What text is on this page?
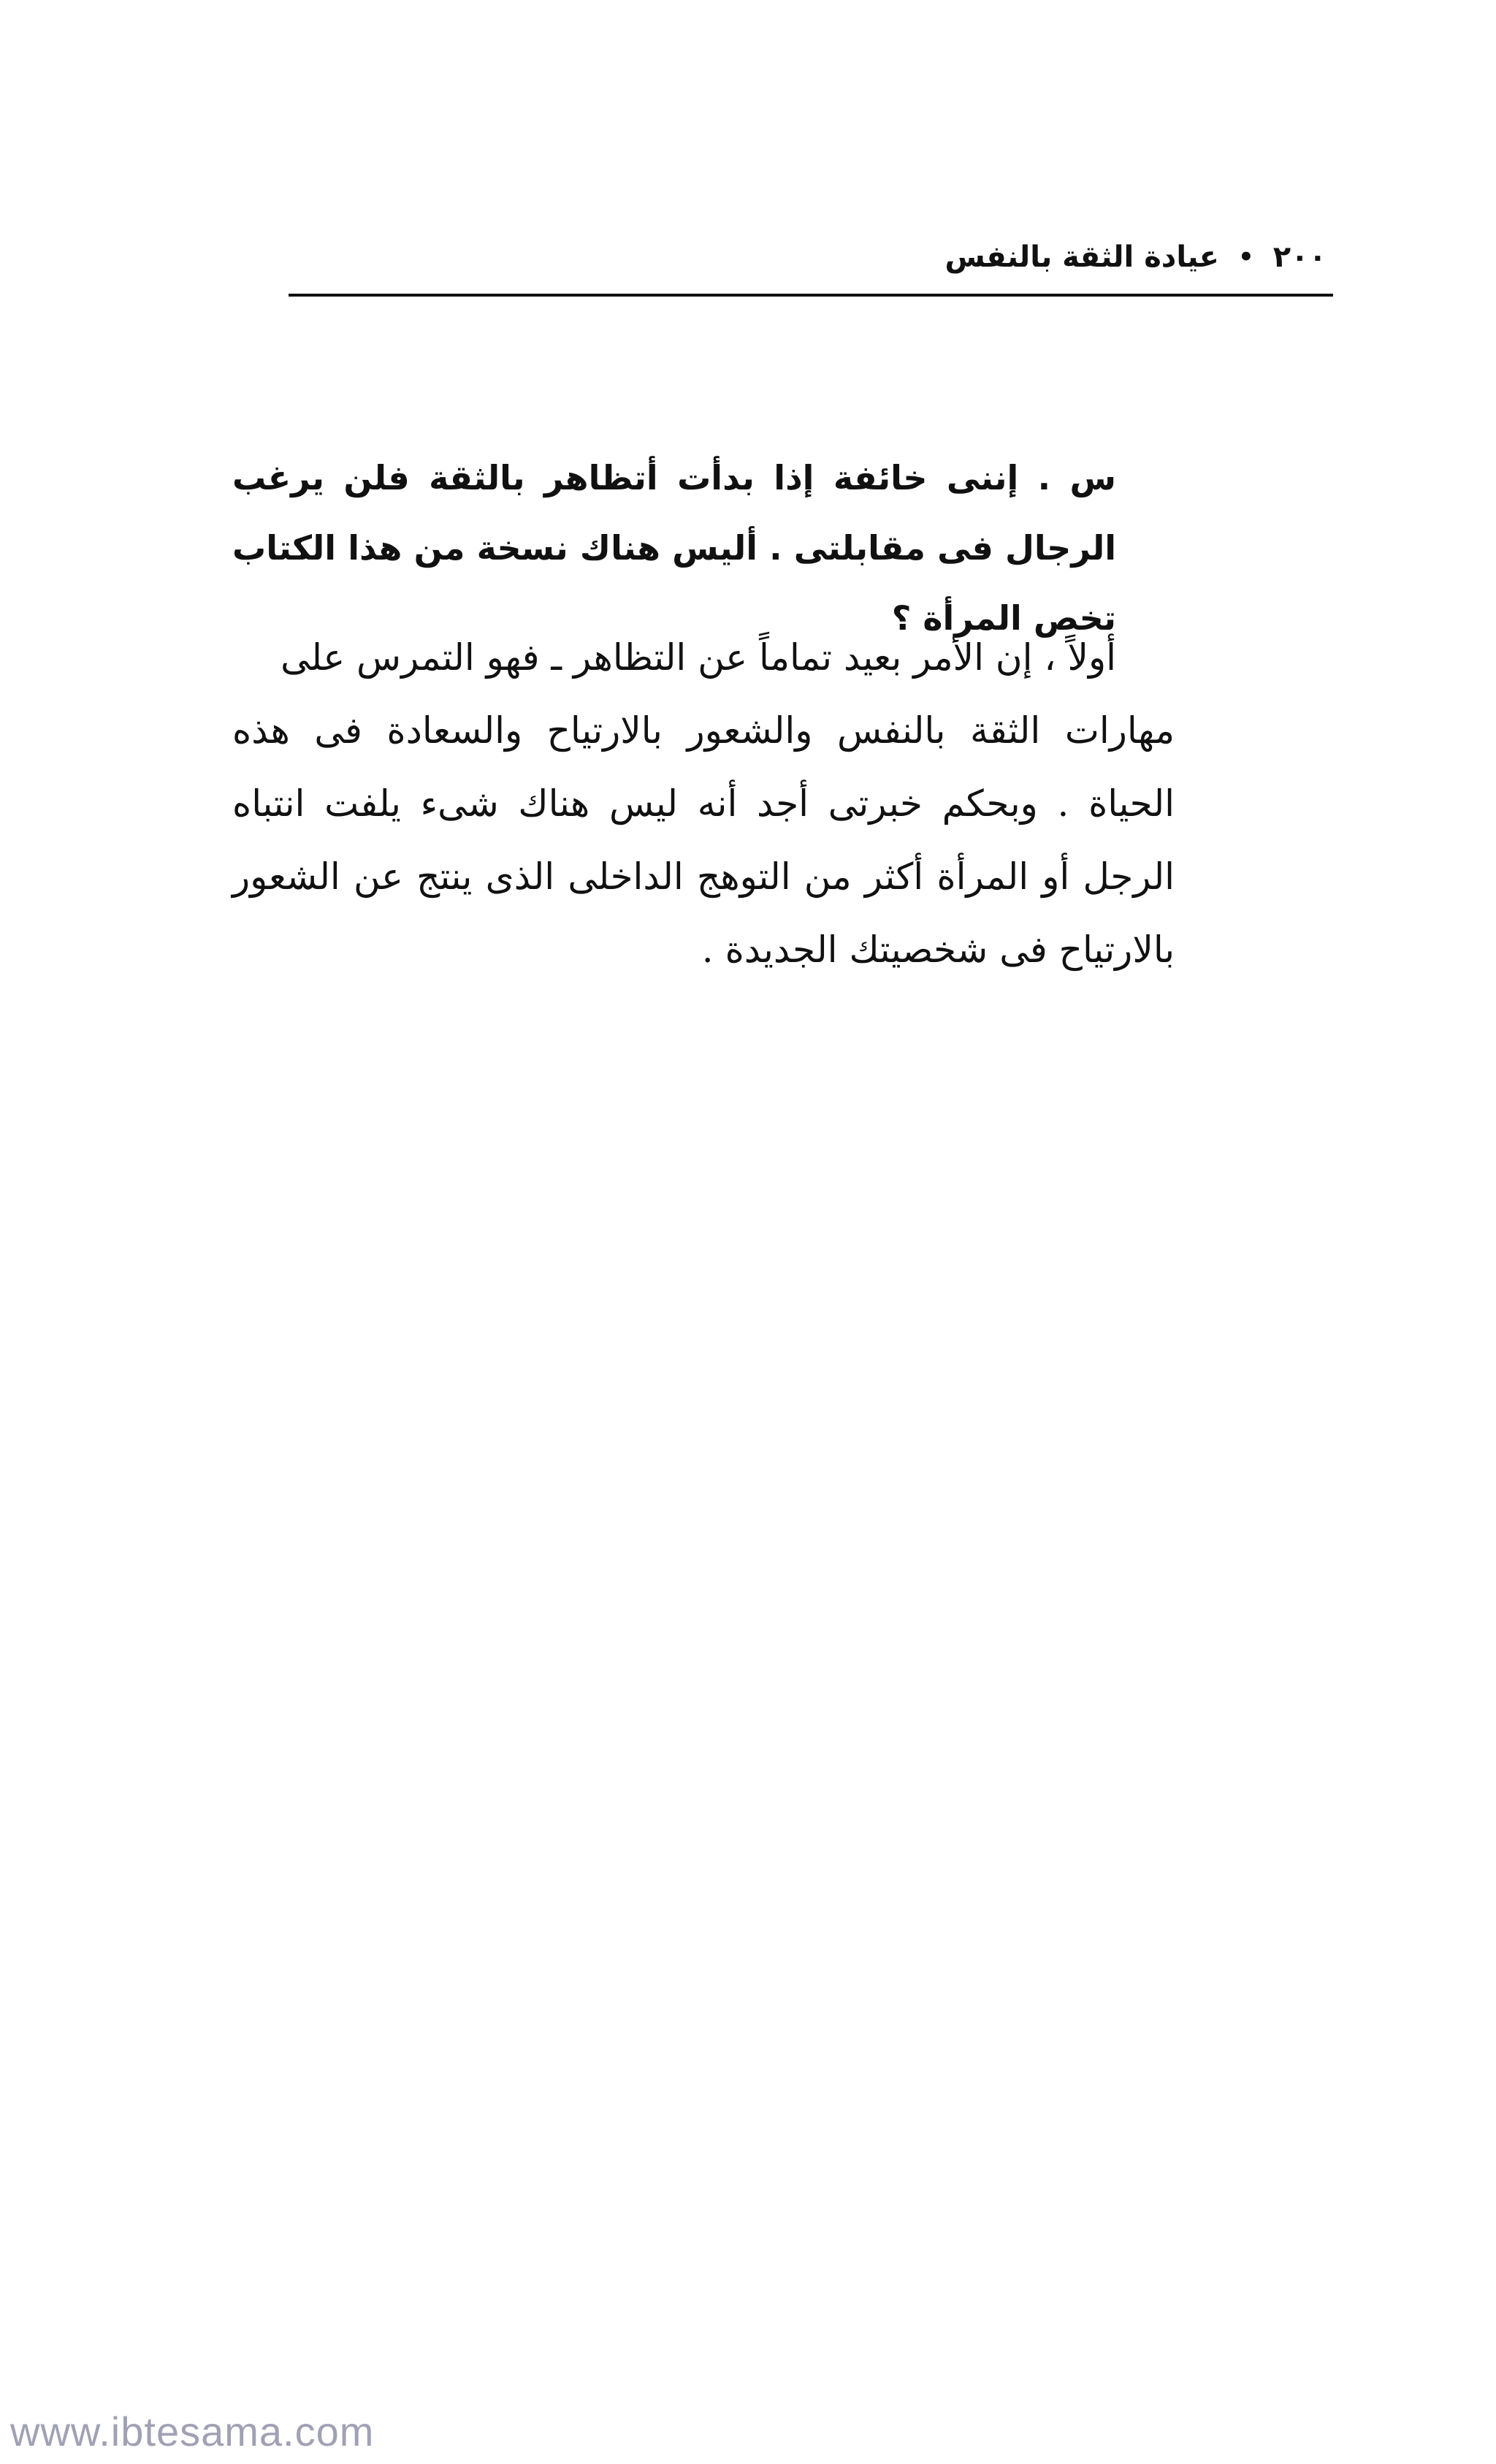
٢٠٠
•
عيادة الثقة بالنفس

س . إننى خائفة إذا بدأت أتظاهر بالثقة فلن يرغب الرجال فى مقابلتى . أليس هناك نسخة من هذا الكتاب تخص المرأة ؟

أولاً ، إن الأمر بعيد تماماً عن التظاهر ـ فهو التمرس على
مهارات الثقة بالنفس والشعور بالارتياح والسعادة فى هذه الحياة . وبحكم خبرتى أجد أنه ليس هناك شىء يلفت انتباه الرجل أو المرأة أكثر من التوهج الداخلى الذى ينتج عن الشعور بالارتياح فى شخصيتك الجديدة .
www.ibtesama.com
